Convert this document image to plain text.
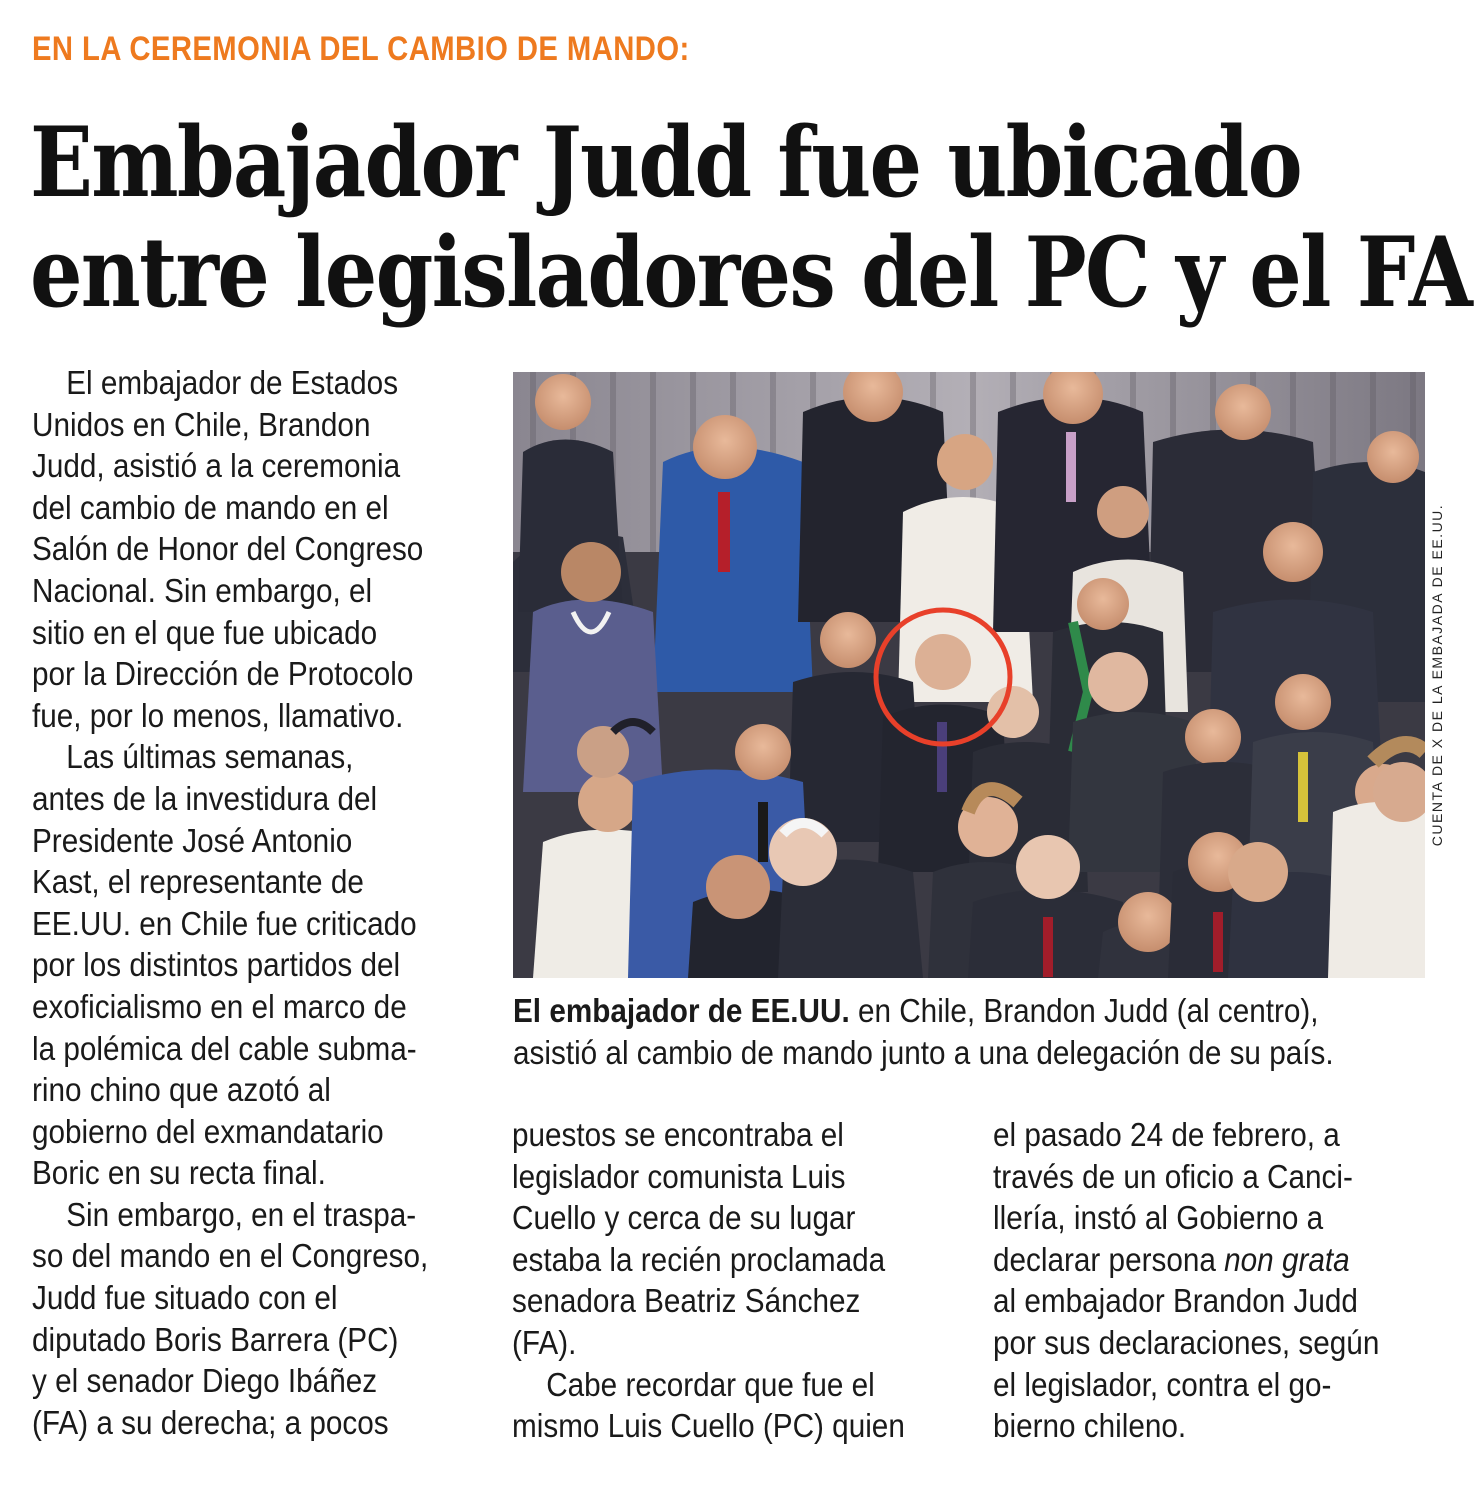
EN LA CEREMONIA DEL CAMBIO DE MANDO:
Embajador Judd fue ubicado
entre legisladores del PC y el FA

El embajador de Estados
Unidos en Chile, Brandon
Judd, asistió a la ceremonia
del cambio de mando en el
Salón de Honor del Congreso
Nacional. Sin embargo, el
sitio en el que fue ubicado
por la Dirección de Protocolo
fue, por lo menos, llamativo.

Las últimas semanas,
antes de la investidura del
Presidente José Antonio
Kast, el representante de
EE.UU. en Chile fue criticado
por los distintos partidos del
exoficialismo en el marco de
la polémica del cable subma-
rino chino que azotó al
gobierno del exmandatario
Boric en su recta final.

Sin embargo, en el traspa-
so del mando en el Congreso,
Judd fue situado con el
diputado Boris Barrera (PC)
y el senador Diego Ibáñez
(FA) a su derecha; a pocos

CUENTA DE X DE LA EMBAJADA DE EE.UU.
El embajador de EE.UU. en Chile, Brandon Judd (al centro),
asistió al cambio de mando junto a una delegación de su país.

puestos se encontraba el
legislador comunista Luis
Cuello y cerca de su lugar
estaba la recién proclamada
senadora Beatriz Sánchez
(FA).

Cabe recordar que fue el
mismo Luis Cuello (PC) quien

el pasado 24 de febrero, a
través de un oficio a Canci-
llería, instó al Gobierno a
declarar persona non grata
al embajador Brandon Judd
por sus declaraciones, según
el legislador, contra el go-
bierno chileno.
